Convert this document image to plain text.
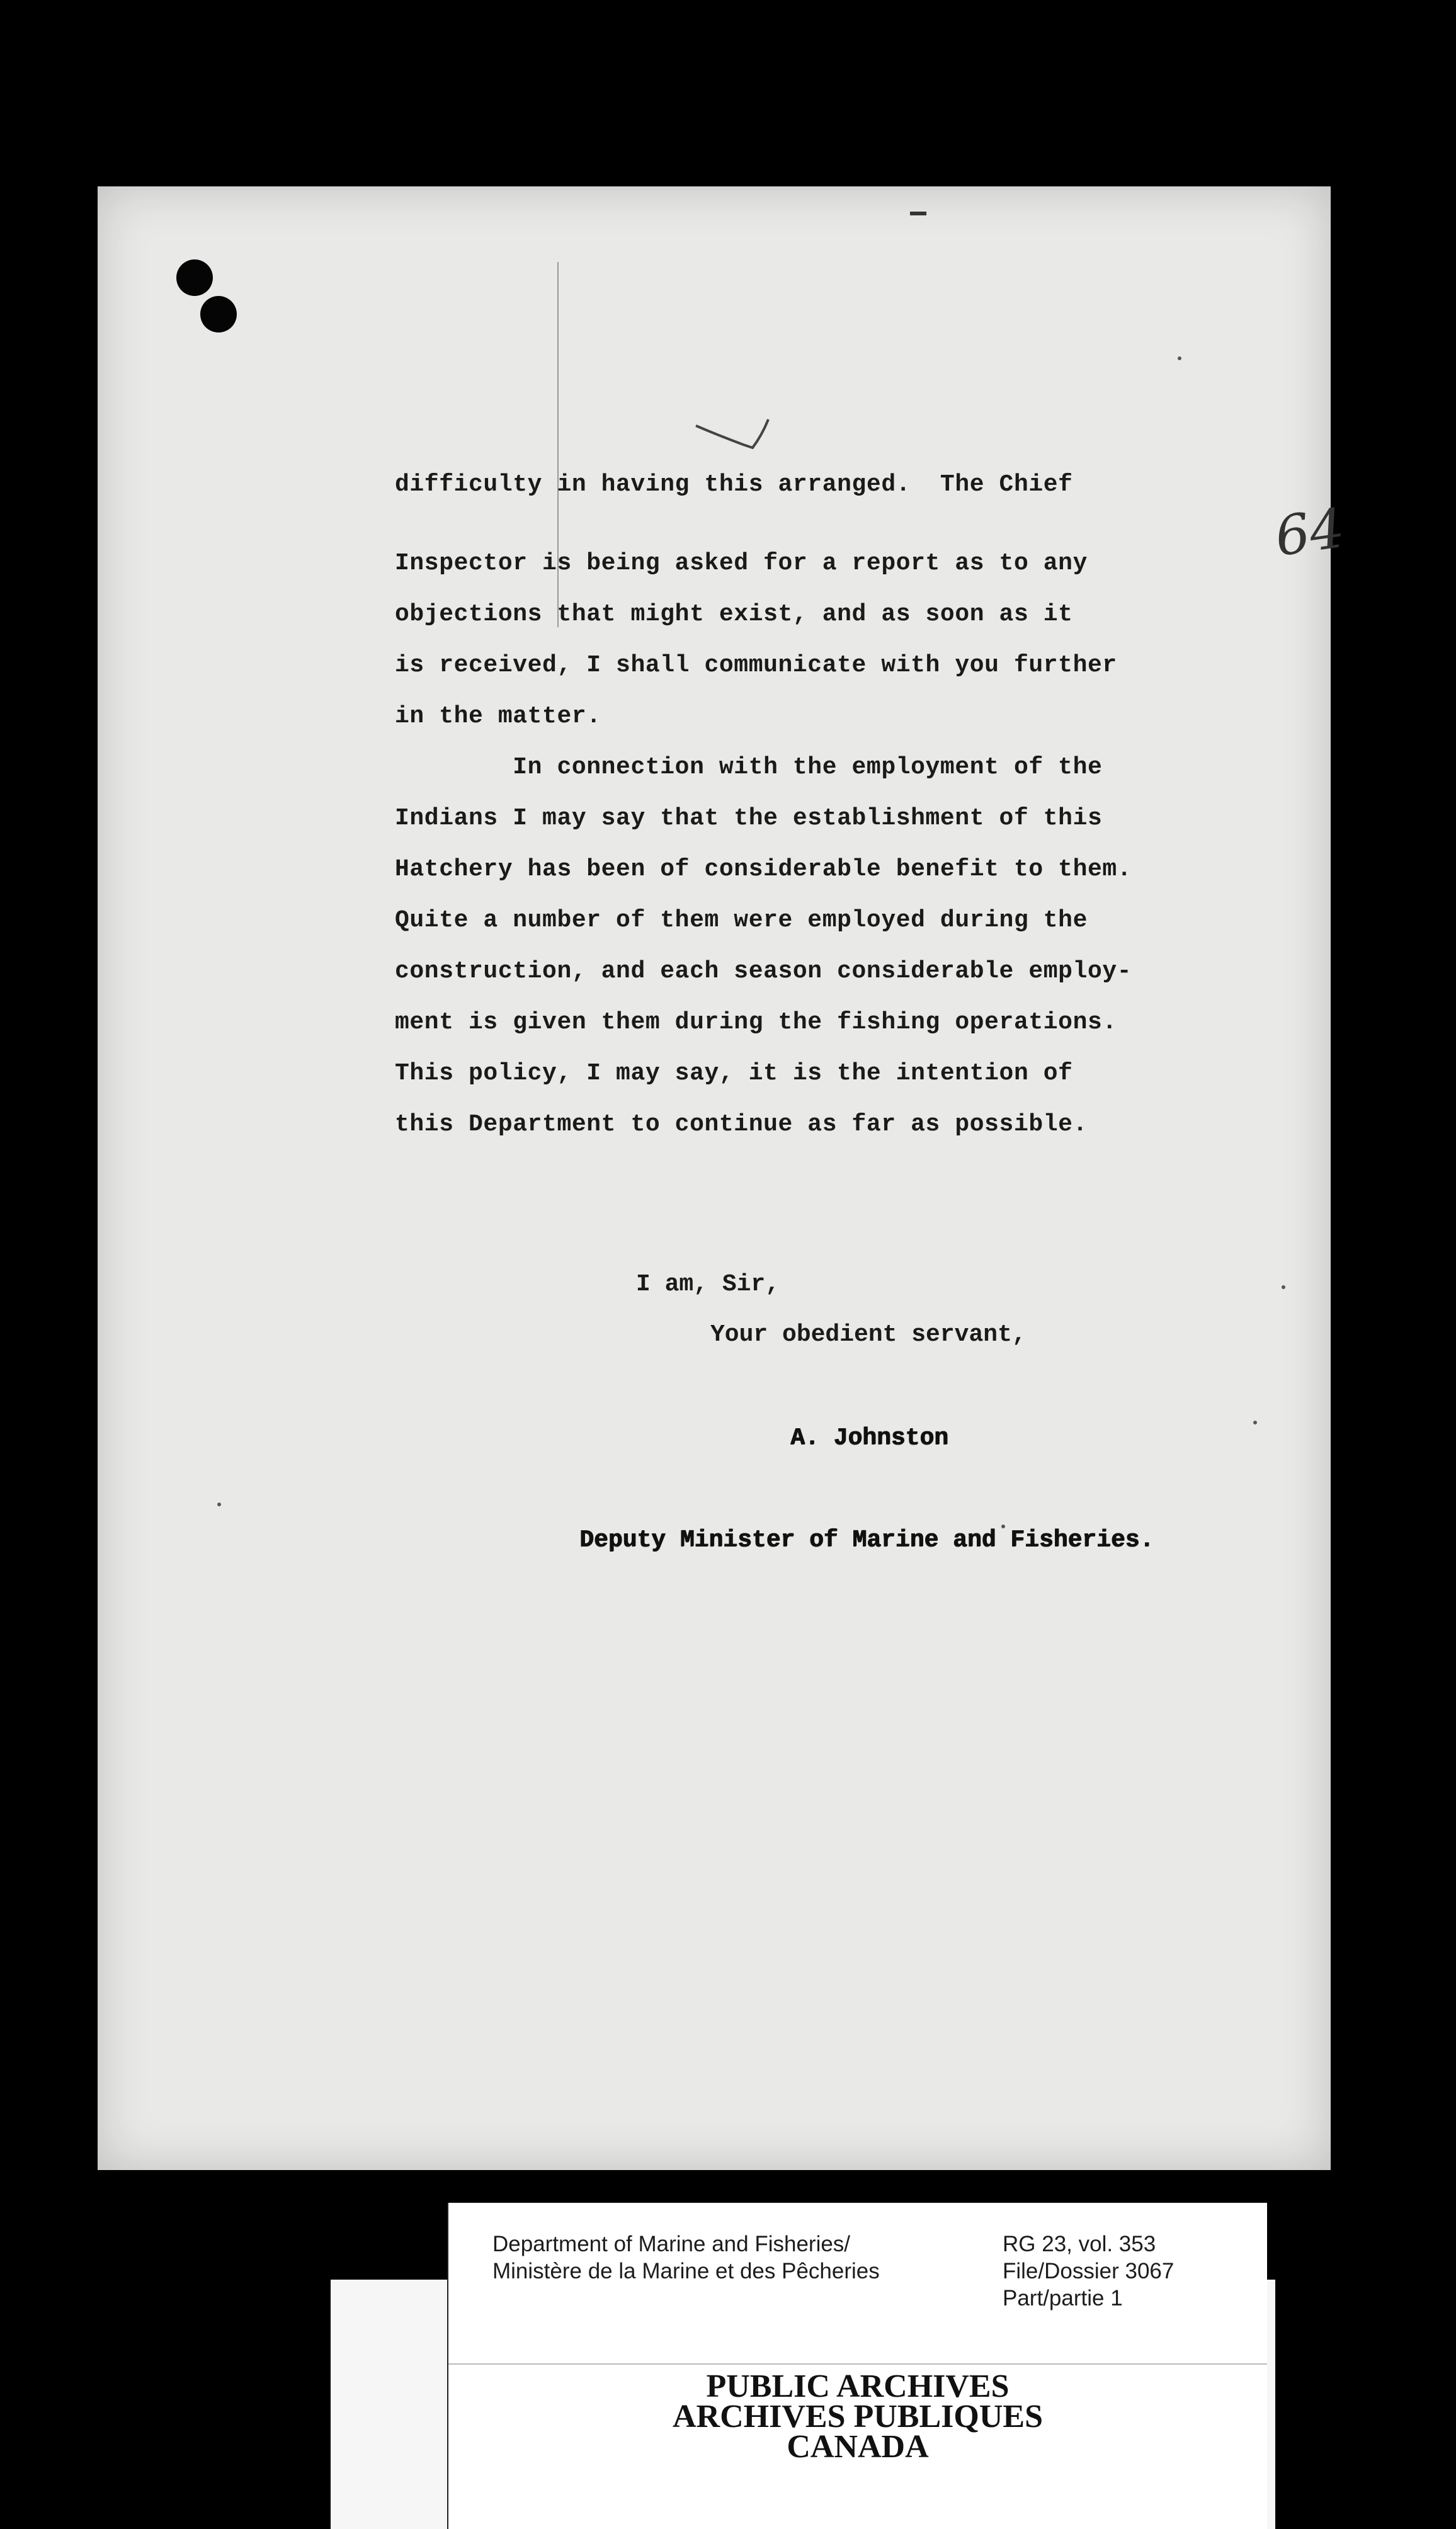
64
difficulty in having this arranged.  The Chief
Inspector is being asked for a report as to any
objections that might exist, and as soon as it
is received, I shall communicate with you further
in the matter.
In connection with the employment of the
Indians I may say that the establishment of this
Hatchery has been of considerable benefit to them.
Quite a number of them were employed during the
construction, and each season considerable employ-
ment is given them during the fishing operations.
This policy, I may say, it is the intention of
this Department to continue as far as possible.
I am, Sir,
Your obedient servant,
A. Johnston
Deputy Minister of Marine and Fisheries.
Department of Marine and Fisheries/
Ministère de la Marine et des Pêcheries
RG 23, vol. 353
File/Dossier 3067
Part/partie 1
PUBLIC ARCHIVES
ARCHIVES PUBLIQUES
CANADA
